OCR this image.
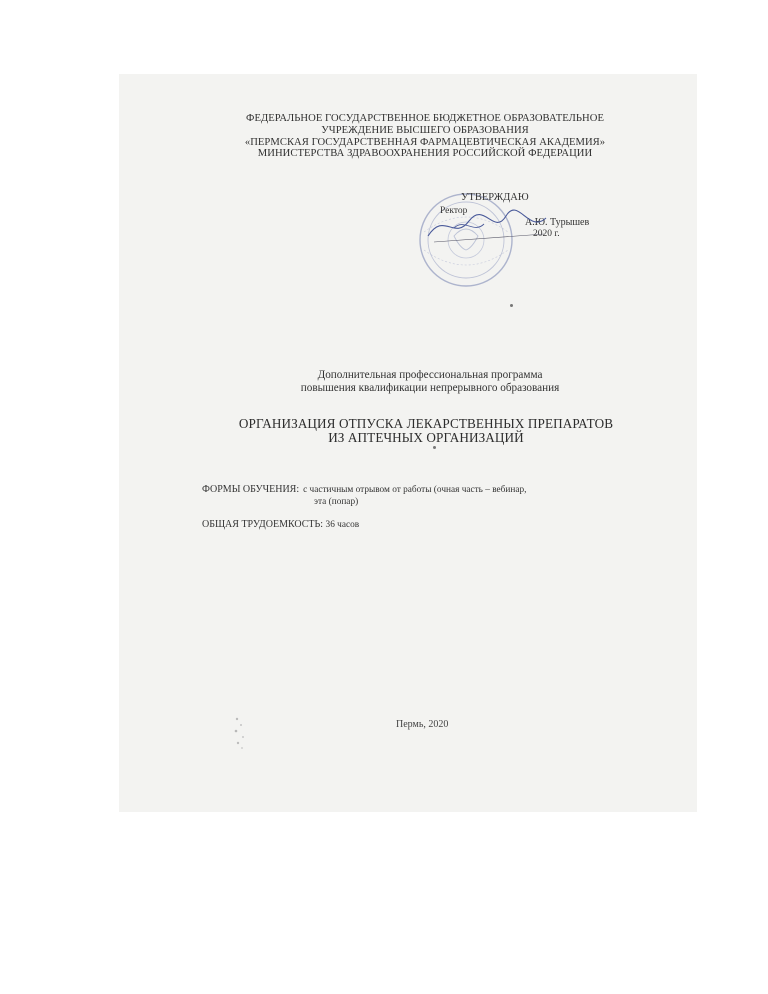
ФЕДЕРАЛЬНОЕ ГОСУДАРСТВЕННОЕ БЮДЖЕТНОЕ ОБРАЗОВАТЕЛЬНОЕ
УЧРЕЖДЕНИЕ ВЫСШЕГО ОБРАЗОВАНИЯ
«ПЕРМСКАЯ ГОСУДАРСТВЕННАЯ ФАРМАЦЕВТИЧЕСКАЯ АКАДЕМИЯ»
МИНИСТЕРСТВА ЗДРАВООХРАНЕНИЯ РОССИЙСКОЙ ФЕДЕРАЦИИ
УТВЕРЖДАЮ
Ректор
А.Ю. Турышев
2020 г.
Дополнительная профессиональная программа
повышения квалификации непрерывного образования
ОРГАНИЗАЦИЯ ОТПУСКА ЛЕКАРСТВЕННЫХ ПРЕПАРАТОВ
ИЗ АПТЕЧНЫХ ОРГАНИЗАЦИЙ
ФОРМЫ ОБУЧЕНИЯ: с частичным отрывом от работы (очная часть – вебинар,
эта (попар)
ОБЩАЯ ТРУДОЕМКОСТЬ: 36 часов
Пермь, 2020
